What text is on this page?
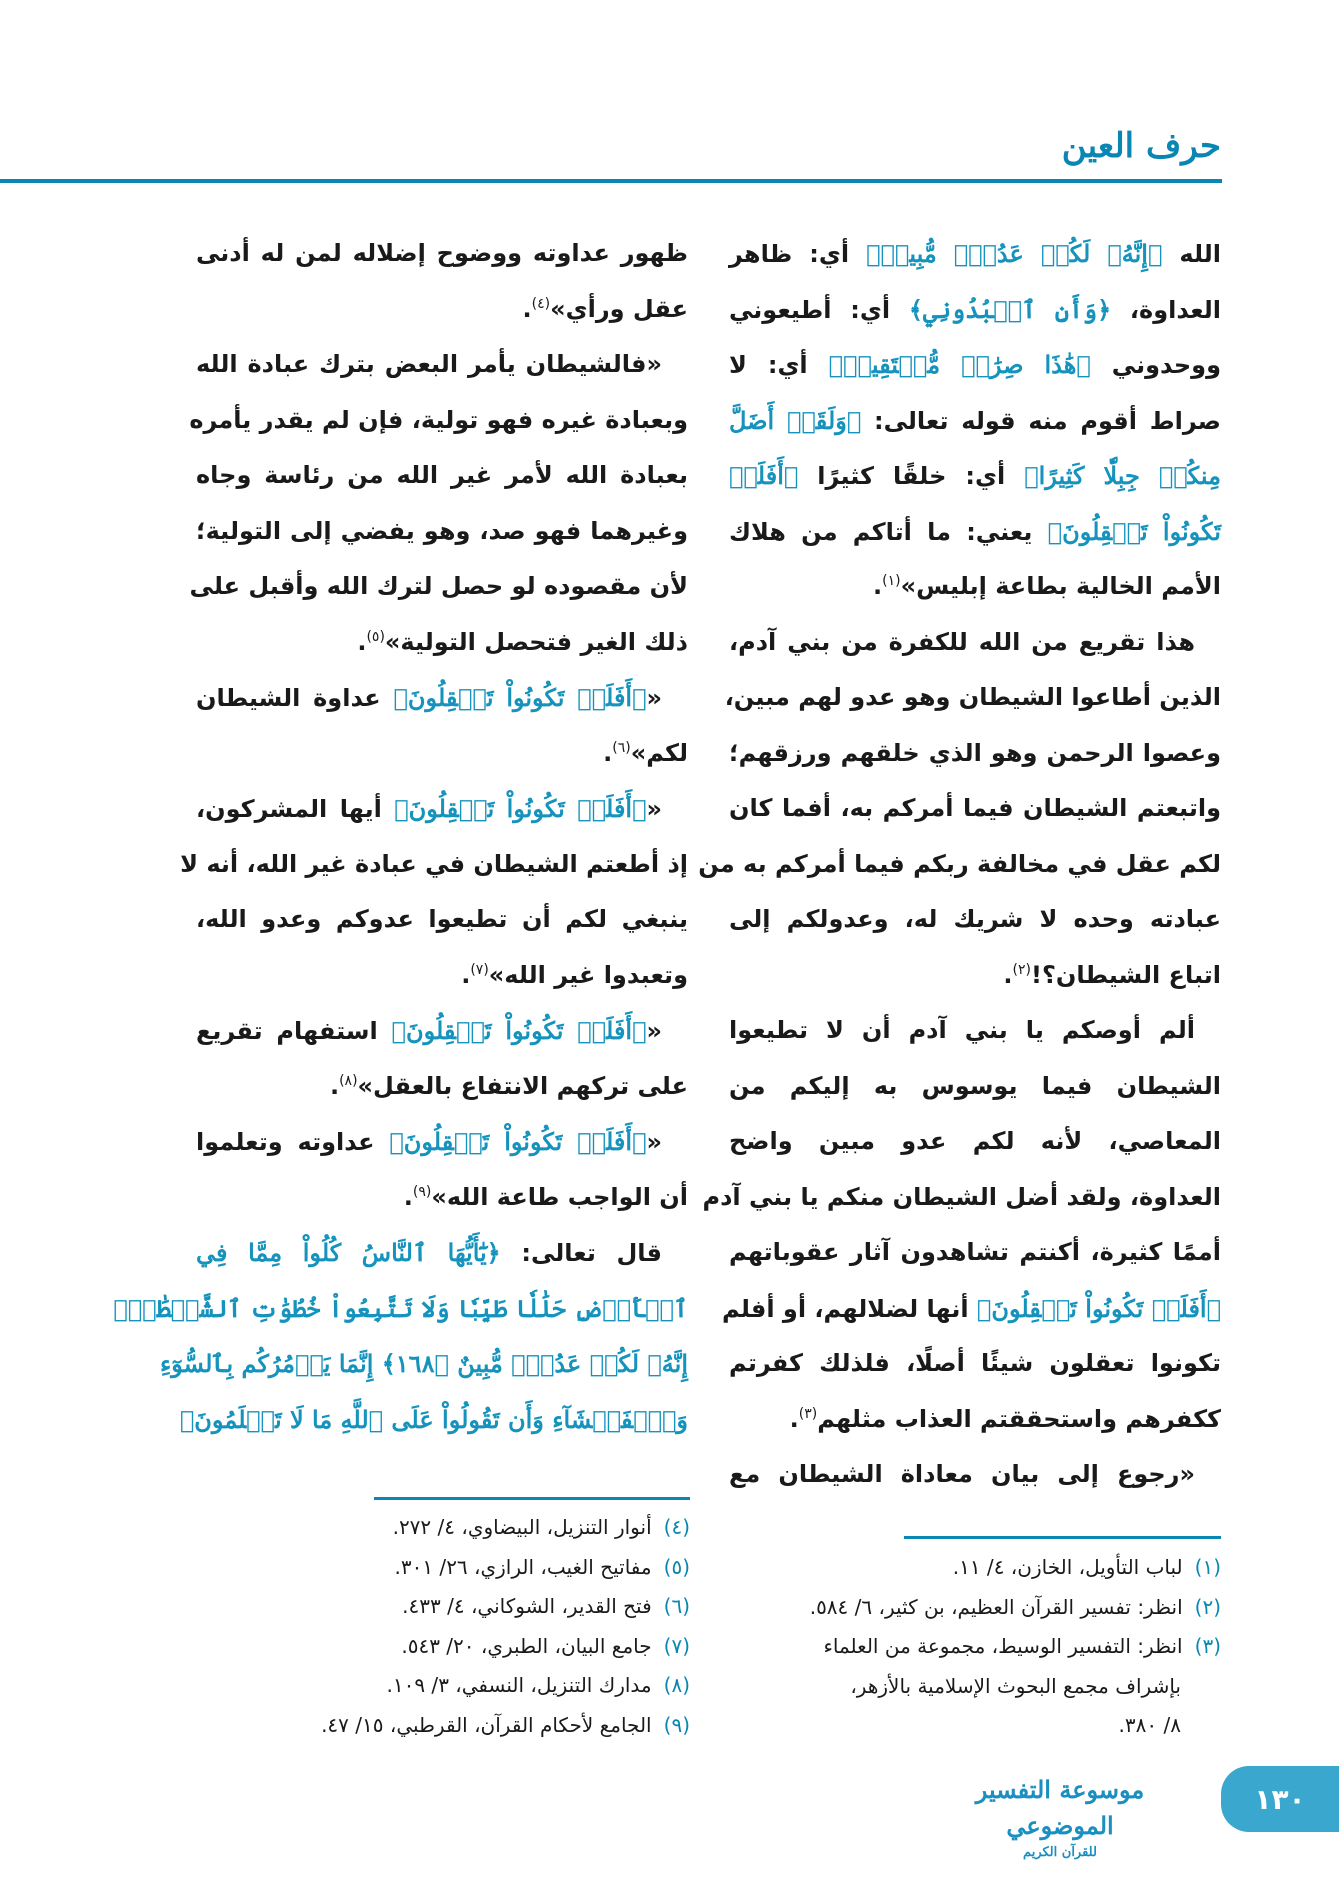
حرف العين
الله ﴿إِنَّهُۥ لَكُمۡ عَدُوّٞ مُّبِينٞ﴾ أي: ظاهر
العداوة، ﴿وَأَنِ ٱعۡبُدُونِي﴾ أي: أطيعوني
ووحدوني ﴿هَٰذَا صِرَٰطٞ مُّسۡتَقِيمٞ﴾ أي: لا
صراط أقوم منه قوله تعالى: ﴿وَلَقَدۡ أَضَلَّ
مِنكُمۡ جِبِلّٗا كَثِيرًا﴾ أي: خلقًا كثيرًا ﴿أَفَلَمۡ
تَكُونُواْ تَعۡقِلُونَ﴾ يعني: ما أتاكم من هلاك
الأمم الخالية بطاعة إبليس»$^{(١)}$.
هذا تقريع من الله للكفرة من بني آدم،
الذين أطاعوا الشيطان وهو عدو لهم مبين،
وعصوا الرحمن وهو الذي خلقهم ورزقهم؛
واتبعتم الشيطان فيما أمركم به، أفما كان
لكم عقل في مخالفة ربكم فيما أمركم به من
عبادته وحده لا شريك له، وعدولكم إلى
اتباع الشيطان؟!$^{(٢)}$.
ألم أوصكم يا بني آدم أن لا تطيعوا
الشيطان فيما يوسوس به إليكم من
المعاصي، لأنه لكم عدو مبين واضح
العداوة، ولقد أضل الشيطان منكم يا بني آدم
أممًا كثيرة، أكنتم تشاهدون آثار عقوباتهم
﴿أَفَلَمۡ تَكُونُواْ تَعۡقِلُونَ﴾ أنها لضلالهم، أو أفلم
تكونوا تعقلون شيئًا أصلًا، فلذلك كفرتم
ككفرهم واستحققتم العذاب مثلهم$^{(٣)}$.
«رجوع إلى بيان معاداة الشيطان مع
ظهور عداوته ووضوح إضلاله لمن له أدنى
عقل ورأي»$^{(٤)}$.
«فالشيطان يأمر البعض بترك عبادة الله
وبعبادة غيره فهو تولية، فإن لم يقدر يأمره
بعبادة الله لأمر غير الله من رئاسة وجاه
وغيرهما فهو صد، وهو يفضي إلى التولية؛
لأن مقصوده لو حصل لترك الله وأقبل على
ذلك الغير فتحصل التولية»$^{(٥)}$.
«﴿أَفَلَمۡ تَكُونُواْ تَعۡقِلُونَ﴾ عداوة الشيطان
لكم»$^{(٦)}$.
«﴿أَفَلَمۡ تَكُونُواْ تَعۡقِلُونَ﴾ أيها المشركون،
إذ أطعتم الشيطان في عبادة غير الله، أنه لا
ينبغي لكم أن تطيعوا عدوكم وعدو الله،
وتعبدوا غير الله»$^{(٧)}$.
«﴿أَفَلَمۡ تَكُونُواْ تَعۡقِلُونَ﴾ استفهام تقريع
على تركهم الانتفاع بالعقل»$^{(٨)}$.
«﴿أَفَلَمۡ تَكُونُواْ تَعۡقِلُونَ﴾ عداوته وتعلموا
أن الواجب طاعة الله»$^{(٩)}$.
قال تعالى: ﴿يَٰٓأَيُّهَا ٱلنَّاسُ كُلُواْ مِمَّا فِي
ٱلۡأَرۡضِ حَلَٰلٗا طَيِّبٗا وَلَا تَتَّبِعُواْ خُطُوَٰتِ ٱلشَّيۡطَٰنِۚ
إِنَّهُۥ لَكُمۡ عَدُوّٞ مُّبِينٌ ﴿١٦٨﴾ إِنَّمَا يَأۡمُرُكُم بِٱلسُّوٓءِ
وَٱلۡفَحۡشَآءِ وَأَن تَقُولُواْ عَلَى ٱللَّهِ مَا لَا تَعۡلَمُونَ﴾
(١)لباب التأويل، الخازن، ٤/ ١١.
(٢)انظر: تفسير القرآن العظيم، بن كثير، ٦/ ٥٨٤.
(٣)انظر: التفسير الوسيط، مجموعة من العلماء
بإشراف مجمع البحوث الإسلامية بالأزهر،
٨/ ٣٨٠.
(٤)أنوار التنزيل، البيضاوي، ٤/ ٢٧٢.
(٥)مفاتيح الغيب، الرازي، ٢٦/ ٣٠١.
(٦)فتح القدير، الشوكاني، ٤/ ٤٣٣.
(٧)جامع البيان، الطبري، ٢٠/ ٥٤٣.
(٨)مدارك التنزيل، النسفي، ٣/ ١٠٩.
(٩)الجامع لأحكام القرآن، القرطبي، ١٥/ ٤٧.
موسوعة التفسير الموضوعي
للقرآن الكريم
١٣٠
